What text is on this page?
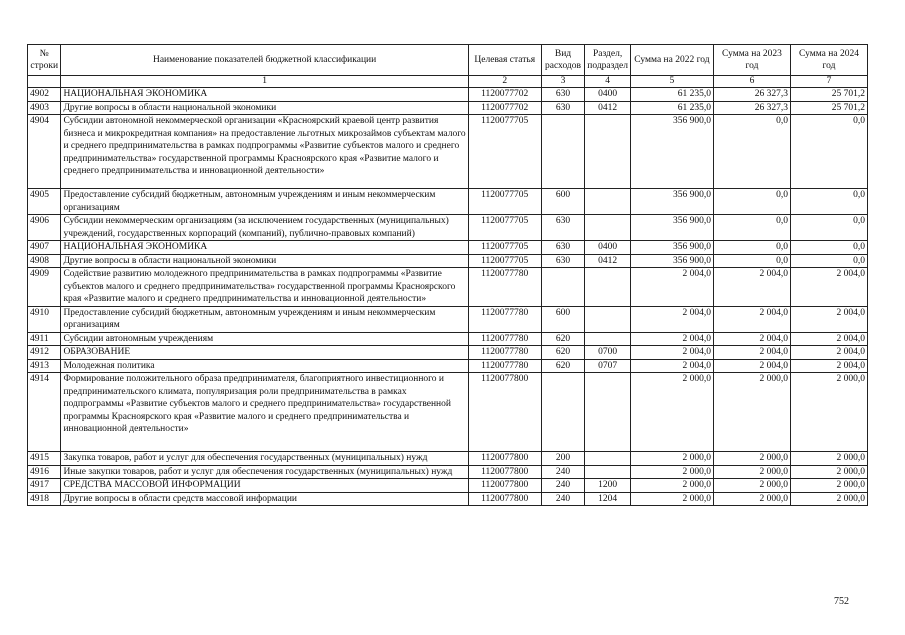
№ строки	Наименование показателей бюджетной классификации	Целевая статья	Вид расходов	Раздел, подраздел	Сумма на 2022 год	Сумма на 2023 год	Сумма на 2024 год
	1	2	3	4	5	6	7
4902	НАЦИОНАЛЬНАЯ ЭКОНОМИКА	1120077702	630	0400	61 235,0	26 327,3	25 701,2
4903	Другие вопросы в области национальной экономики	1120077702	630	0412	61 235,0	26 327,3	25 701,2
4904	Субсидии автономной некоммерческой организации «Красноярский краевой центр развития бизнеса и микрокредитная компания» на предоставление льготных микрозаймов субъектам малого и среднего предпринимательства в рамках подпрограммы «Развитие субъектов малого и среднего предпринимательства» государственной программы Красноярского края «Развитие малого и среднего предпринимательства и инновационной деятельности»	1120077705			356 900,0	0,0	0,0
4905	Предоставление субсидий бюджетным, автономным учреждениям и иным некоммерческим организациям	1120077705	600		356 900,0	0,0	0,0
4906	Субсидии некоммерческим организациям (за исключением государственных (муниципальных) учреждений, государственных корпораций (компаний), публично-правовых компаний)	1120077705	630		356 900,0	0,0	0,0
4907	НАЦИОНАЛЬНАЯ ЭКОНОМИКА	1120077705	630	0400	356 900,0	0,0	0,0
4908	Другие вопросы в области национальной экономики	1120077705	630	0412	356 900,0	0,0	0,0
4909	Содействие развитию молодежного предпринимательства в рамках подпрограммы «Развитие субъектов малого и среднего предпринимательства» государственной программы Красноярского края «Развитие малого и среднего предпринимательства и инновационной деятельности»	1120077780			2 004,0	2 004,0	2 004,0
4910	Предоставление субсидий бюджетным, автономным учреждениям и иным некоммерческим организациям	1120077780	600		2 004,0	2 004,0	2 004,0
4911	Субсидии автономным учреждениям	1120077780	620		2 004,0	2 004,0	2 004,0
4912	ОБРАЗОВАНИЕ	1120077780	620	0700	2 004,0	2 004,0	2 004,0
4913	Молодежная политика	1120077780	620	0707	2 004,0	2 004,0	2 004,0
4914	Формирование положительного образа предпринимателя, благоприятного инвестиционного и предпринимательского климата, популяризация роли предпринимательства в рамках подпрограммы «Развитие субъектов малого и среднего предпринимательства» государственной программы Красноярского края «Развитие малого и среднего предпринимательства и инновационной деятельности»	1120077800			2 000,0	2 000,0	2 000,0
4915	Закупка товаров, работ и услуг для обеспечения государственных (муниципальных) нужд	1120077800	200		2 000,0	2 000,0	2 000,0
4916	Иные закупки товаров, работ и услуг для обеспечения государственных (муниципальных) нужд	1120077800	240		2 000,0	2 000,0	2 000,0
4917	СРЕДСТВА МАССОВОЙ ИНФОРМАЦИИ	1120077800	240	1200	2 000,0	2 000,0	2 000,0
4918	Другие вопросы в области средств массовой информации	1120077800	240	1204	2 000,0	2 000,0	2 000,0
752
